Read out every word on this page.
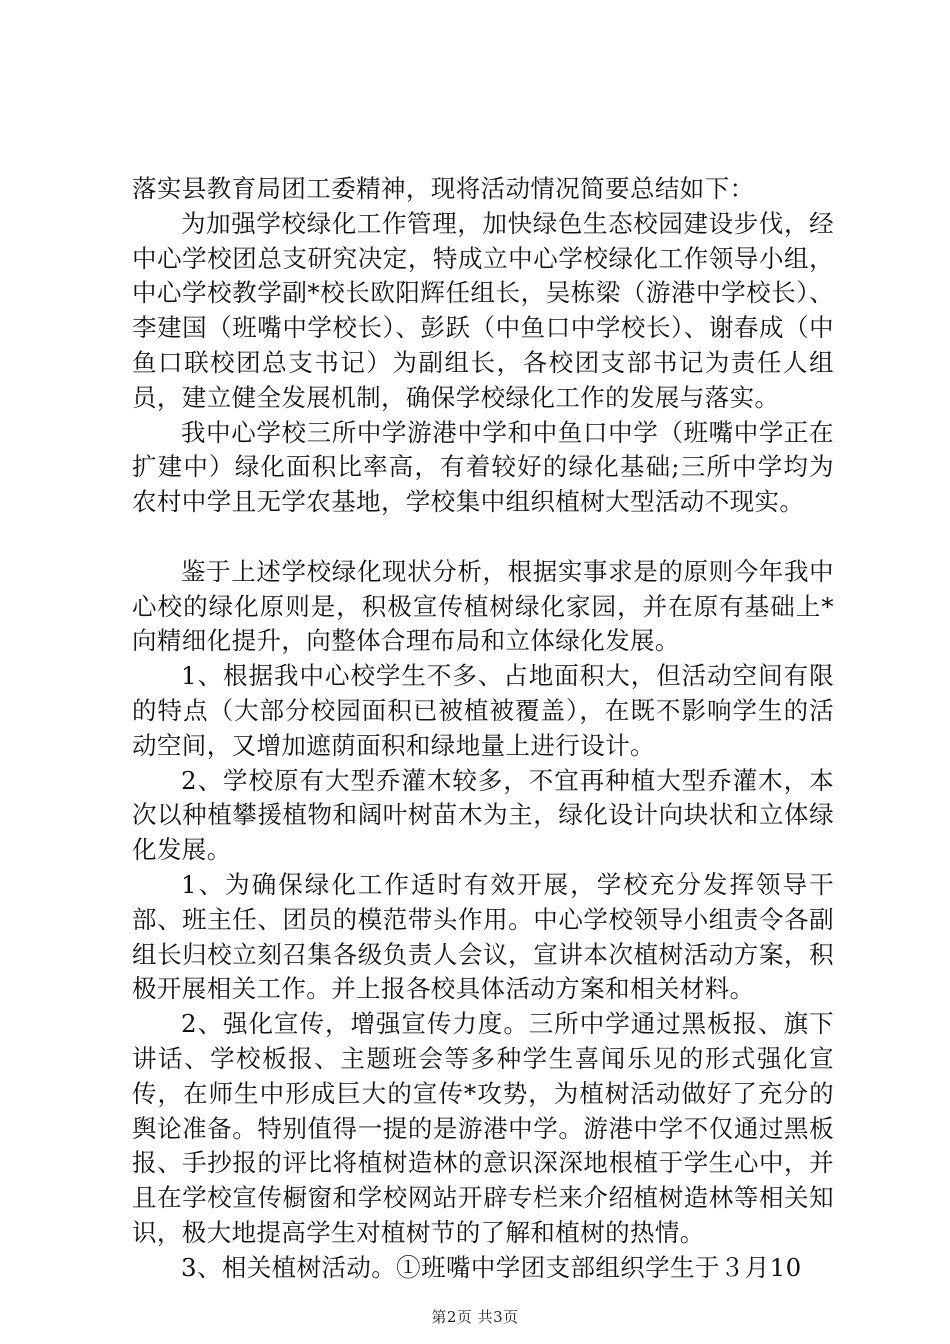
落实县教育局团工委精神，现将活动情况简要总结如下：

为加强学校绿化工作管理，加快绿色生态校园建设步伐，经中心学校团总支研究决定，特成立中心学校绿化工作领导小组，中心学校教学副*校长欧阳辉任组长，吴栋梁（游港中学校长）、李建国（班嘴中学校长）、彭跃（中鱼口中学校长）、谢春成（中鱼口联校团总支书记）为副组长，各校团支部书记为责任人组员，建立健全发展机制，确保学校绿化工作的发展与落实。

我中心学校三所中学游港中学和中鱼口中学（班嘴中学正在扩建中）绿化面积比率高，有着较好的绿化基础;三所中学均为农村中学且无学农基地，学校集中组织植树大型活动不现实。

鉴于上述学校绿化现状分析，根据实事求是的原则今年我中心校的绿化原则是，积极宣传植树绿化家园，并在原有基础上*向精细化提升，向整体合理布局和立体绿化发展。

1、根据我中心校学生不多、占地面积大，但活动空间有限的特点（大部分校园面积已被植被覆盖），在既不影响学生的活动空间，又增加遮荫面积和绿地量上进行设计。

2、学校原有大型乔灌木较多，不宜再种植大型乔灌木，本次以种植攀援植物和阔叶树苗木为主，绿化设计向块状和立体绿化发展。

1、为确保绿化工作适时有效开展，学校充分发挥领导干部、班主任、团员的模范带头作用。中心学校领导小组责令各副组长归校立刻召集各级负责人会议，宣讲本次植树活动方案，积极开展相关工作。并上报各校具体活动方案和相关材料。

2、强化宣传，增强宣传力度。三所中学通过黑板报、旗下讲话、学校板报、主题班会等多种学生喜闻乐见的形式强化宣传，在师生中形成巨大的宣传*攻势，为植树活动做好了充分的舆论准备。特别值得一提的是游港中学。游港中学不仅通过黑板报、手抄报的评比将植树造林的意识深深地根植于学生心中，并且在学校宣传橱窗和学校网站开辟专栏来介绍植树造林等相关知识，极大地提高学生对植树节的了解和植树的热情。

3、相关植树活动。①班嘴中学团支部组织学生于３月10

第2页 共3页
